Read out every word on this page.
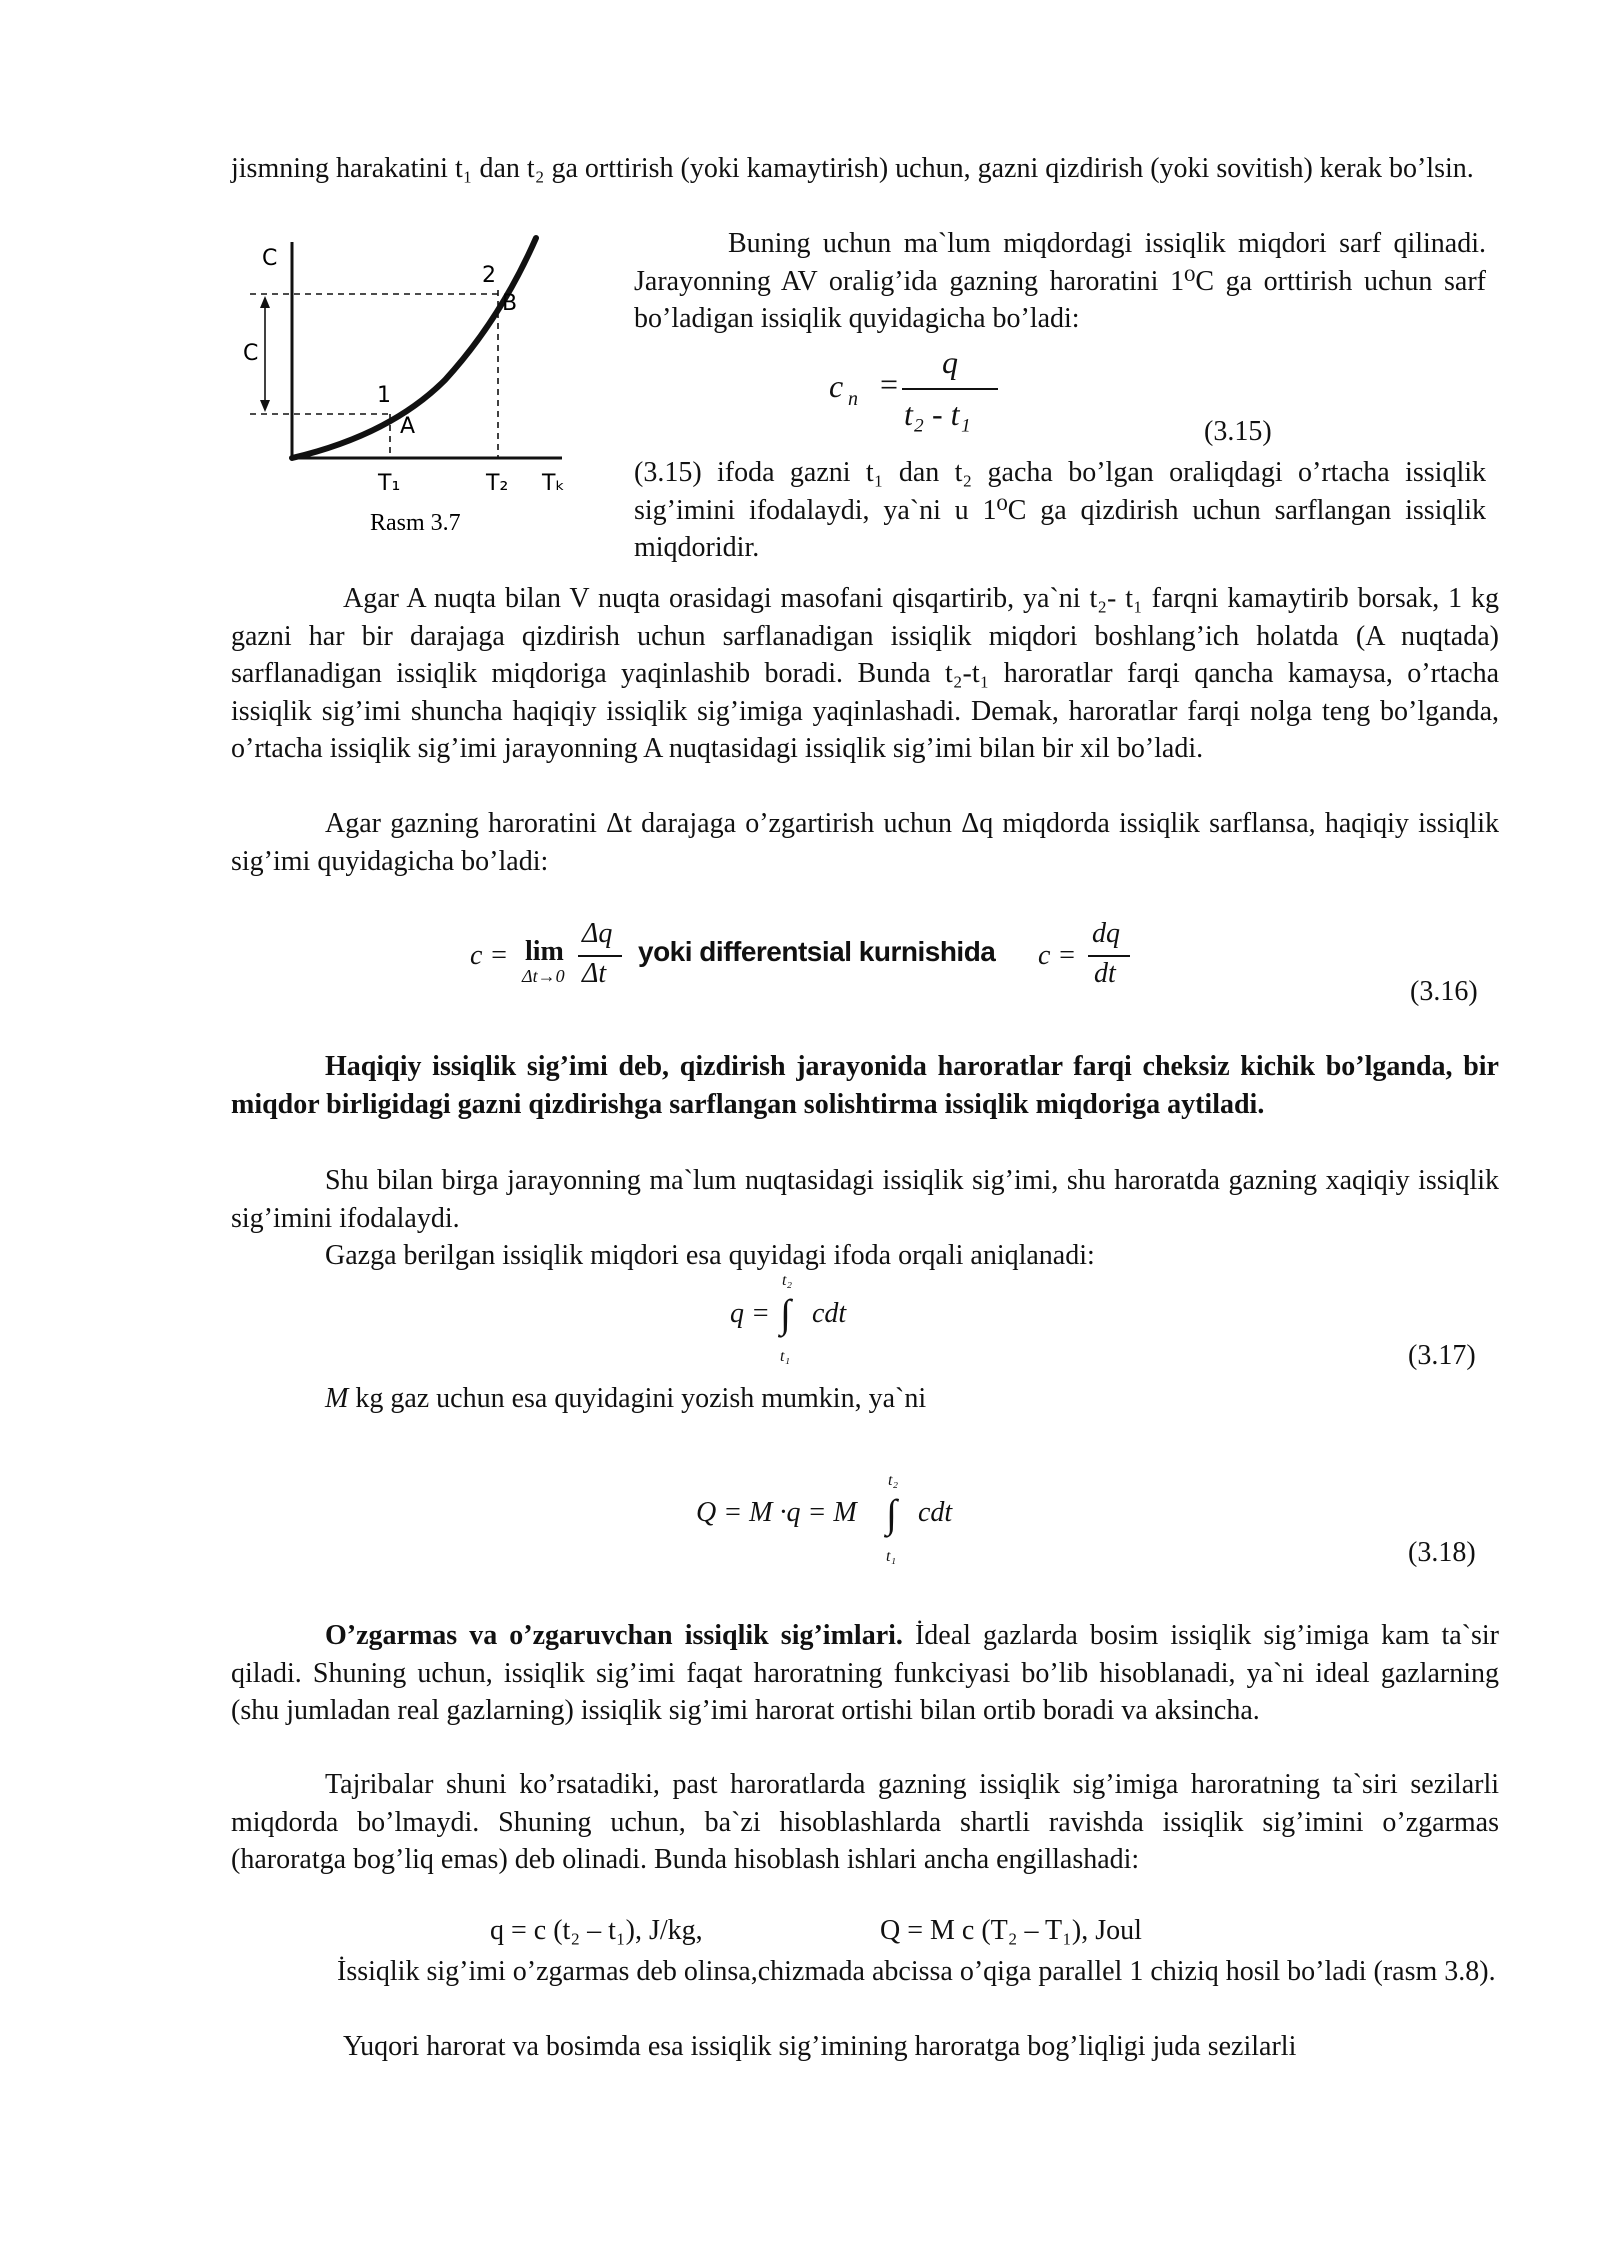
jismning harakatini t₁ dan t₂ ga orttirish (yoki kamaytirish) uchun, gazni qizdirish (yoki sovitish) kerak bo’lsin.

C
C
1
A
2
B
T₁	T₂ Tₖ
Rasm 3.7

Buning uchun ma`lum miqdordagi issiqlik miqdori sarf qilinadi. Jarayonning AV oralig’ida gazning haroratini 1⁰C ga orttirish uchun sarf bo’ladigan issiqlik quyidagicha bo’ladi:

c n =
q
t₂ - t₁	(3.15)

(3.15) ifoda gazni t₁ dan t₂ gacha bo’lgan oraliqdagi o’rtacha issiqlik sig’imini ifodalaydi, ya`ni u 1⁰C ga qizdirish uchun sarflangan issiqlik miqdoridir.

Agar A nuqta bilan V nuqta orasidagi masofani qisqartirib, ya`ni t₂- t₁ farqni kamaytirib borsak, 1 kg gazni har bir darajaga qizdirish uchun sarflanadigan issiqlik miqdori boshlang’ich holatda (A nuqtada) sarflanadigan issiqlik miqdoriga yaqinlashib boradi. Bunda t₂-t₁ haroratlar farqi qancha kamaysa, o’rtacha issiqlik sig’imi shuncha haqiqiy issiqlik sig’imiga yaqinlashadi. Demak, haroratlar farqi nolga teng bo’lganda, o’rtacha issiqlik sig’imi jarayonning A nuqtasidagi issiqlik sig’imi bilan bir xil bo’ladi.

Agar gazning haroratini Δt darajaga o’zgartirish uchun Δq miqdorda issiqlik sarflansa, haqiqiy issiqlik sig’imi quyidagicha bo’ladi:

c = lim
Δt→0
Δq
Δt
yoki differentsial kurnishida c =
dq
dt
(3.16)

Haqiqiy issiqlik sig’imi deb, qizdirish jarayonida haroratlar farqi cheksiz kichik bo’lganda, bir miqdor birligidagi gazni qizdirishga sarflangan solishtirma issiqlik miqdoriga aytiladi.

Shu bilan birga jarayonning ma`lum nuqtasidagi issiqlik sig’imi, shu haroratda gazning xaqiqiy issiqlik sig’imini ifodalaydi.

Gazga berilgan issiqlik miqdori esa quyidagi ifoda orqali aniqlanadi:

q =
t₂
∫
t₁
cdt
(3.17)

M kg gaz uchun esa quyidagini yozish mumkin, ya`ni

Q = M ·q = M
t₂
∫
t₁
cdt
(3.18)

O’zgarmas va o’zgaruvchan issiqlik sig’imlari. İdeal gazlarda bosim issiqlik sig’imiga kam ta`sir qiladi. Shuning uchun, issiqlik sig’imi faqat haroratning funkciyasi bo’lib hisoblanadi, ya`ni ideal gazlarning (shu jumladan real gazlarning) issiqlik sig’imi harorat ortishi bilan ortib boradi va aksincha.

Tajribalar shuni ko’rsatadiki, past haroratlarda gazning issiqlik sig’imiga haroratning ta`siri sezilarli miqdorda bo’lmaydi. Shuning uchun, ba`zi hisoblashlarda shartli ravishda issiqlik sig’imini o’zgarmas (haroratga bog’liq emas) deb olinadi. Bunda hisoblash ishlari ancha engillashadi:

q = c (t₂ – t₁), J/kg,	Q = M c (T₂ – T₁), Joul

İssiqlik sig’imi o’zgarmas deb olinsa,chizmada abcissa o’qiga parallel 1 chiziq hosil bo’ladi (rasm 3.8).

Yuqori harorat va bosimda esa issiqlik sig’imining haroratga bog’liqligi juda sezilarli
